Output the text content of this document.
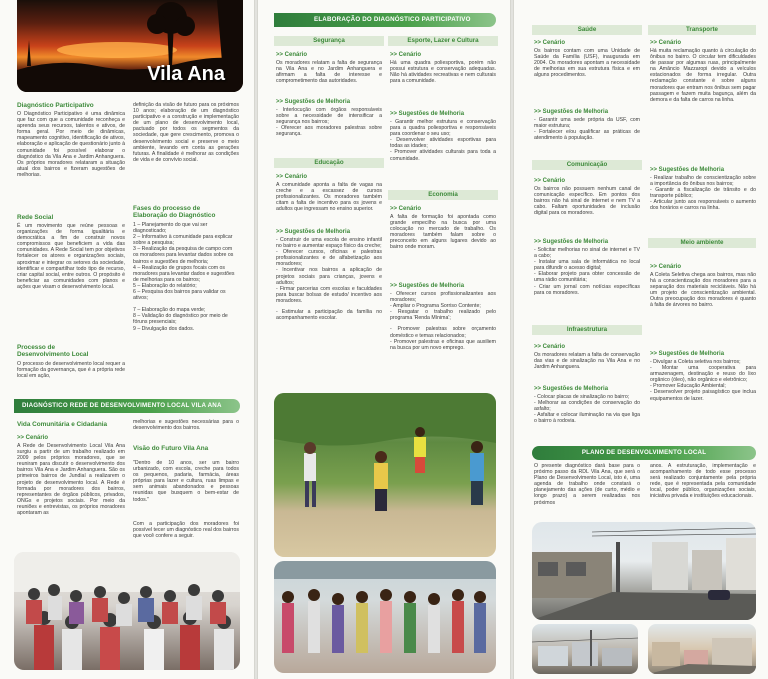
Vila Ana
Diagnóstico Participativo
O Diagnóstico Participativo é uma dinâmica que faz com que a comunidade reconheça e aprenda seus recursos, talentos e ativos, de forma geral. Por meio de dinâmicas, mapeamento cognitivo, identificação de ativos, elaboração e aplicação de questionário junto à comunidade foi possível elaborar o diagnóstico da Vila Ana e Jardim Anhanguera. Os próprios moradores relataram a situação atual dos bairros e fizeram sugestões de melhorias.
Rede Social
É um movimento que reúne pessoas e organizações de forma igualitária e democrática a fim de construir novos compromissos que beneficiem a vida das comunidades. A Rede Social tem por objetivos fortalecer os atores e organizações sociais, aproximar e integrar os setores da sociedade, identificar e compartilhar todo tipo de recurso, criar capital social, entre outros. O propósito é beneficiar as comunidades com planos e ações que visam o desenvolvimento local.
Processo de Desenvolvimento Local
O processo de desenvolvimento local requer a formação da governança, que é a própria rede local em ação,
definição da visão de futuro para os próximos 10 anos; elaboração de um diagnóstico participativo e a construção e implementação de um plano de desenvolvimento local, pactuado por todos os segmentos da sociedade, que gere crescimento, promova o desenvolvimento social e preserve o meio ambiente, levando em conta as gerações futuras. A finalidade é melhorar as condições de vida e de convívio social.
Fases do processo de Elaboração do Diagnóstico
1 – Planejamento do que vai ser diagnosticado;
2 – Informativo à comunidade para explicar sobre a pesquisa;
3 – Realização da pesquisa de campo com os moradores para levantar dados sobre os bairros e sugestões de melhoria;
4 – Realização de grupos focais com os moradores para levantar dados e sugestões de melhorias para os bairros;
5 – Elaboração do relatório;
6 – Pesquisa dos bairros para validar os ativos;
7 – Elaboração do mapa verde;
8 – Validação do diagnóstico por meio de fóruns presenciais;
9 – Divulgação dos dados.
DIAGNÓSTICO REDE DE DESENVOLVIMENTO LOCAL VILA ANA
Vida Comunitária e Cidadania
>> Cenário
A Rede de Desenvolvimento Local Vila Ana surgiu a partir de um trabalho realizado em 2009 pelos próprios moradores, que se reuniram para discutir o desenvolvimento dos bairros Vila Ana e Jardim Anhanguera. São os primeiros bairros de Jundiaí a realizarem o projeto de desenvolvimento local. A Rede é formada por moradores dos bairros, representantes de órgãos públicos, privados, ONGs e projetos sociais. Por meio da reuniões e entrevistas, os próprios moradores apontaram as
melhorias e sugestões necessárias para o desenvolvimento dos bairros.
Visão do Futuro Vila Ana
"Dentro de 10 anos, ser um bairro urbanizado, com escola, creche para todos os pequenos, padaria, farmácia, áreas próprias para lazer e cultura, ruas limpas e sem animais abandonados e pessoas reunidas que busquem o bem-estar de todos."
Com a participação dos moradores foi possível tecer um diagnóstico real dos bairros que você confere a seguir.
ELABORAÇÃO DO DIAGNÓSTICO PARTICIPATIVO
Segurança
>> Cenário
Os moradores relatam a falta de segurança na Vila Ana e no Jardim Anhanguera e afirmam a falta de interesse e comprometimento das autoridades.
>> Sugestões de Melhoria
- Interlocução com órgãos responsáveis sobre a necessidade de intensificar a segurança nos bairros;
- Oferecer aos moradores palestras sobre segurança.
Esporte, Lazer e Cultura
>> Cenário
Há uma quadra poliesportiva, porém não possui estrutura e conservação adequadas. Não há atividades recreativas e nem culturais para a comunidade.
>> Sugestões de Melhoria
- Garantir melhor estrutura e conservação para a quadra poliesportiva e responsáveis para coordenar o seu uso;
- Desenvolver atividades esportivas para todas as idades;
- Promover atividades culturais para toda a comunidade.
Educação
>> Cenário
A comunidade aponta a falta de vagas na creche e a escassez de cursos profissionalizantes. Os moradores também citam a falta de incentivo para os jovens e adultos que ingressam no ensino superior.
>> Sugestões de Melhoria
- Construir de uma escola de ensino infantil no bairro e aumentar espaço físico da creche;
- Oferecer cursos, oficinas e palestras profissionalizantes e de alfabetização aos moradores;
- Incentivar nos bairros a aplicação de projetos sociais para crianças, jovens e adultos;
- Firmar parcerias com escolas e faculdades para buscar bolsas de estudo/ incentivo aos moradores.
- Estimular a participação da família no acompanhamento escolar.
Economia
>> Cenário
A falta de formação foi apontada como grande empecilho na busca por uma colocação no mercado de trabalho. Os moradores também falam sobre o preconceito em alguns lugares devido ao bairro onde moram.
>> Sugestões de Melhoria
- Oferecer cursos profissionalizantes aos moradores;
- Ampliar o Programa Sorriso Contente;
- Resgatar o trabalho realizado pelo programa 'Renda Mínima';
- Promover palestras sobre orçamento doméstico e temas relacionados;
- Promover palestras e oficinas que auxiliem na busca por um novo emprego.
Saúde
>> Cenário
Os bairros contam com uma Unidade de Saúde da Família (USF), inaugurada em 2004. Os moradores apontam a necessidade de melhorias em sua estrutura física e em alguns procedimentos.
>> Sugestões de Melhoria
- Garantir uma sede própria da USF, com maior estrutura;
- Fortalecer e/ou qualificar as práticas de atendimento à população.
Comunicação
>> Cenário
Os bairros não possuem nenhum canal de comunicação específico. Em pontos dos bairros não há sinal de internet e nem TV a cabo. Faltam oportunidades de inclusão digital para os moradores.
>> Sugestões de Melhoria
- Solicitar melhorias no sinal de internet e TV a cabo;
- Instalar uma sala de informática no local para difundir o acesso digital;
- Elaborar projeto para obter concessão de uma rádio comunitária;
- Criar um jornal com notícias específicas para os moradores.
Infraestrutura
>> Cenário
Os moradores relatam a falta de conservação das vias e de sinalização na Vila Ana e no Jardim Anhanguera.
>> Sugestões de Melhoria
- Colocar placas de sinalização no bairro;
- Melhorar as condições de conservação do asfalto;
- Asfaltar e colocar iluminação na via que liga o bairro à rodovia.
Transporte
>> Cenário
Há muita reclamação quanto à circulação do ônibus no bairro. O circular tem dificuldades de passar por algumas ruas, principalmente na Amâncio Mazzaropi devido a veículos estacionados de forma irregular. Outra reclamação constante é sobre alguns moradores que entram nos ônibus sem pagar passagem e fazem muita bagunça, além da demora e da falta de carros na linha.
>> Sugestões de Melhoria
- Realizar trabalho de conscientização sobre a importância do ônibus nos bairros;
- Garantir a fiscalização de trânsito e do transporte público;
- Articular junto aos responsáveis o aumento dos horários e carros na linha.
Meio ambiente
>> Cenário
A Coleta Seletiva chega aos bairros, mas não há a conscientização dos moradores para a separação dos materiais recicláveis. Não há um projeto de conscientização ambiental. Outra preocupação dos moradores é quanto à falta de árvores no bairro.
>> Sugestões de Melhoria
- Divulgar a Coleta seletiva nos bairros;
- Montar uma cooperativa para armazenagem, destinação e reuso do lixo orgânico (óleo), não orgânico e eletrônico;
- Promover Educação Ambiental;
- Desenvolver projeto paisagístico que inclua equipamentos de lazer.
PLANO DE DESENVOLVIMENTO LOCAL
O presente diagnóstico dará base para o próximo passo da RDL Vila Ana, que será o Plano de Desenvolvimento Local, isto é, uma agenda de trabalho onde constará o planejamento das ações (de curto, médio e longo prazo) a serem realizadas nos próximos
anos. A estruturação, implementação e acompanhamento de todo esse processo será realizado conjuntamente pela própria rede, que é representada pela comunidade local, poder público, organizações sociais, iniciativa privada e instituições educacionais.
